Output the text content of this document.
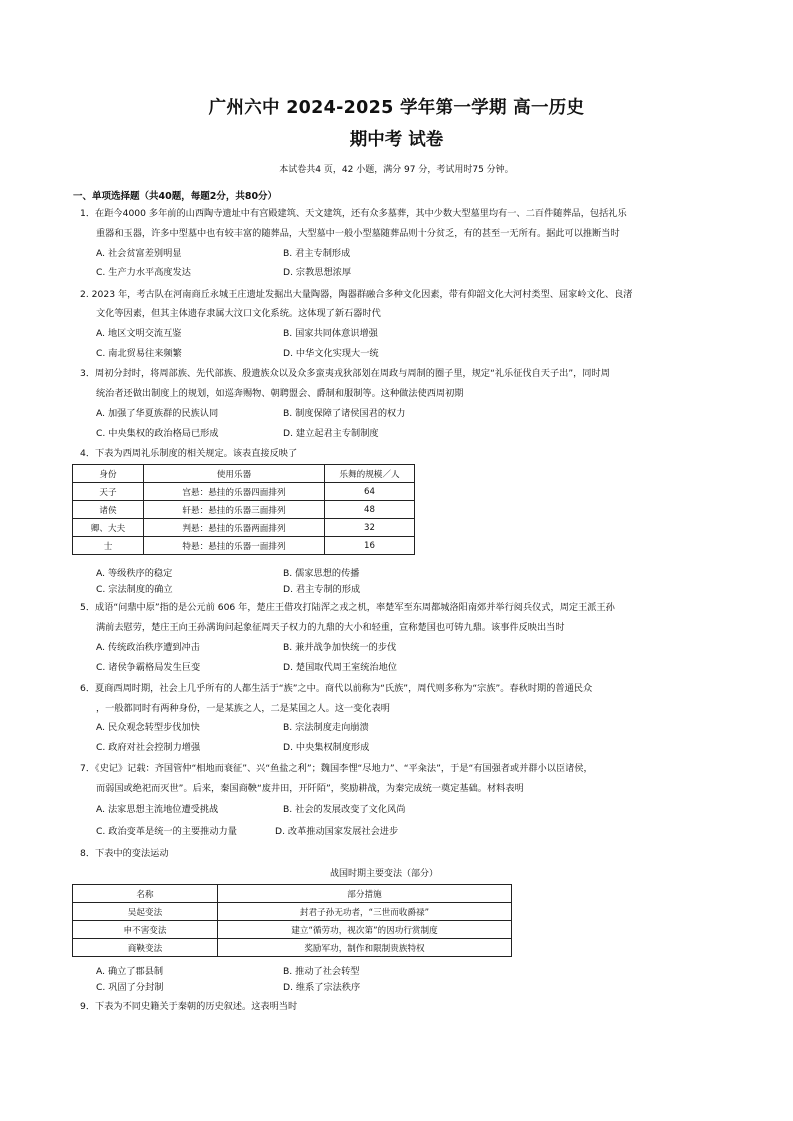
广州六中 2024-2025 学年第一学期 高一历史
期中考 试卷
本试卷共4 页，42 小题，满分 97 分，考试用时75 分钟。
一、单项选择题（共40题，每题2分，共80分）
1．在距今4000 多年前的山西陶寺遗址中有宫殿建筑、天文建筑，还有众多墓葬，其中少数大型墓里均有一、二百件随葬品，包括礼乐
重器和玉器，许多中型墓中也有较丰富的随葬品，大型墓中一般小型墓随葬品则十分贫乏，有的甚至一无所有。据此可以推断当时
A. 社会贫富差别明显	B. 君主专制形成
C. 生产力水平高度发达	D. 宗教思想浓厚
2. 2023 年，考古队在河南商丘永城王庄遗址发掘出大量陶器，陶器群融合多种文化因素，带有仰韶文化大河村类型、屈家岭文化、良渚
文化等因素，但其主体遗存隶属大汶口文化系统。这体现了新石器时代
A. 地区文明交流互鉴	B. 国家共同体意识增强
C. 南北贸易往来频繁	D. 中华文化实现大一统
3．周初分封时，将周部族、先代部族、殷遗族众以及众多蛮夷戎狄部划在周政与周制的圈子里，规定“礼乐征伐自天子出”，同时周
统治者还做出制度上的规划，如巡奔赐物、朝聘盟会、爵制和服制等。这种做法使西周初期
A. 加强了华夏族群的民族认同	B. 制度保障了诸侯国君的权力
C. 中央集权的政治格局已形成	D. 建立起君主专制制度
4．下表为西周礼乐制度的相关规定。该表直接反映了
身份	使用乐器	乐舞的规模／人
天子	宫悬：悬挂的乐器四面排列	64
诸侯	轩悬：悬挂的乐器三面排列	48
卿、大夫	判悬：悬挂的乐器两面排列	32
士	特悬：悬挂的乐器一面排列	16
A. 等级秩序的稳定	B. 儒家思想的传播
C. 宗法制度的确立	D. 君主专制的形成
5．成语“问鼎中原”指的是公元前 606 年，楚庄王借攻打陆浑之戎之机，率楚军至东周都城洛阳南郊并举行阅兵仪式，周定王派王孙
满前去慰劳，楚庄王向王孙满询问起象征周天子权力的九鼎的大小和轻重，宣称楚国也可铸九鼎。该事件反映出当时
A. 传统政治秩序遭到冲击	B. 兼并战争加快统一的步伐
C. 诸侯争霸格局发生巨变	D. 楚国取代周王室统治地位
6．夏商西周时期，社会上几乎所有的人都生活于“族”之中。商代以前称为“氏族”，周代则多称为“宗族”。春秋时期的普通民众
，一般都同时有两种身份，一是某族之人，二是某国之人。这一变化表明
A. 民众观念转型步伐加快	B. 宗法制度走向崩溃
C. 政府对社会控制力增强	D. 中央集权制度形成
7．《史记》记载：齐国管仲“相地而衰征”、兴“鱼盐之利”；魏国李悝“尽地力”、“平籴法”，于是“有国强者或并群小以臣诸侯，
而弱国或绝祀而灭世”。后来，秦国商鞅“废井田，开阡陌”，奖励耕战，为秦完成统一奠定基础。材料表明
A. 法家思想主流地位遭受挑战	B. 社会的发展改变了文化风尚
C. 政治变革是统一的主要推动力量	D. 改革推动国家发展社会进步
8．下表中的变法运动
战国时期主要变法（部分）
名称	部分措施
吴起变法	封君子孙无功者，“三世而收爵禄”
申不害变法	建立“循劳功，视次第”的因功行赏制度
商鞅变法	奖励军功，制作和限制贵族特权
A. 确立了郡县制	B. 推动了社会转型
C. 巩固了分封制	D. 维系了宗法秩序
9．下表为不同史籍关于秦朝的历史叙述。这表明当时
